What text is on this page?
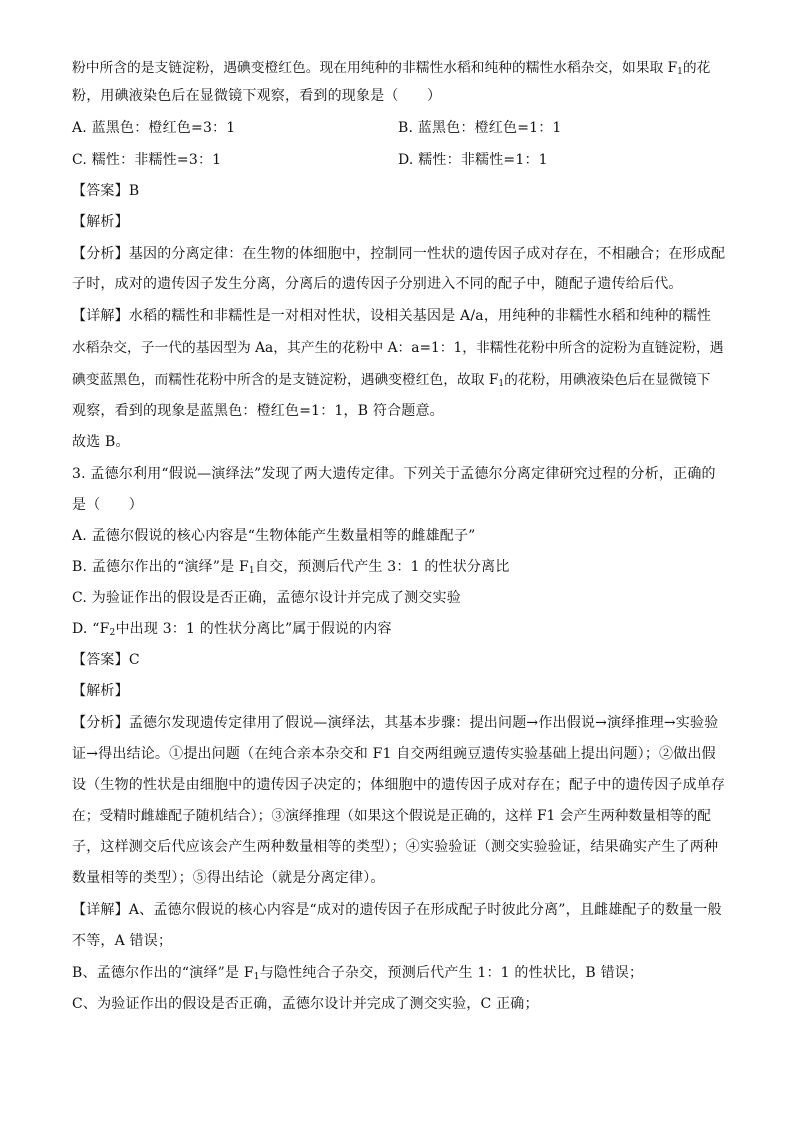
粉中所含的是支链淀粉，遇碘变橙红色。现在用纯种的非糯性水稻和纯种的糯性水稻杂交，如果取 $F_1$的花
粉，用碘液染色后在显微镜下观察，看到的现象是（　　）
A. 蓝黑色：橙红色=3：1	B. 蓝黑色：橙红色=1：1
C. 糯性：非糯性=3：1	D. 糯性：非糯性=1：1
【答案】B
【解析】
【分析】基因的分离定律：在生物的体细胞中，控制同一性状的遗传因子成对存在，不相融合；在形成配
子时，成对的遗传因子发生分离，分离后的遗传因子分别进入不同的配子中，随配子遗传给后代。
【详解】水稻的糯性和非糯性是一对相对性状，设相关基因是 A/a，用纯种的非糯性水稻和纯种的糯性
水稻杂交，子一代的基因型为 Aa，其产生的花粉中 A：a=1：1，非糯性花粉中所含的淀粉为直链淀粉，遇
碘变蓝黑色，而糯性花粉中所含的是支链淀粉，遇碘变橙红色，故取 $F_1$的花粉，用碘液染色后在显微镜下
观察，看到的现象是蓝黑色：橙红色=1：1，B 符合题意。
故选 B。
3. 孟德尔利用“假说—演绎法”发现了两大遗传定律。下列关于孟德尔分离定律研究过程的分析，正确的
是（　　）
A. 孟德尔假说的核心内容是“生物体能产生数量相等的雌雄配子”
B. 孟德尔作出的“演绎”是 $F_1$自交，预测后代产生 3：1 的性状分离比
C. 为验证作出的假设是否正确，孟德尔设计并完成了测交实验
D. “$F_2$中出现 3：1 的性状分离比”属于假说的内容
【答案】C
【解析】
【分析】孟德尔发现遗传定律用了假说—演绎法，其基本步骤：提出问题→作出假说→演绎推理→实验验
证→得出结论。①提出问题（在纯合亲本杂交和 F1 自交两组豌豆遗传实验基础上提出问题）；②做出假
设（生物的性状是由细胞中的遗传因子决定的；体细胞中的遗传因子成对存在；配子中的遗传因子成单存
在；受精时雌雄配子随机结合）；③演绎推理（如果这个假说是正确的，这样 F1 会产生两种数量相等的配
子，这样测交后代应该会产生两种数量相等的类型）；④实验验证（测交实验验证，结果确实产生了两种
数量相等的类型）；⑤得出结论（就是分离定律）。
【详解】A、孟德尔假说的核心内容是“成对的遗传因子在形成配子时彼此分离”，且雌雄配子的数量一般
不等，A 错误；
B、孟德尔作出的“演绎”是 $F_1$与隐性纯合子杂交，预测后代产生 1：1 的性状比，B 错误；
C、为验证作出的假设是否正确，孟德尔设计并完成了测交实验，C 正确；
